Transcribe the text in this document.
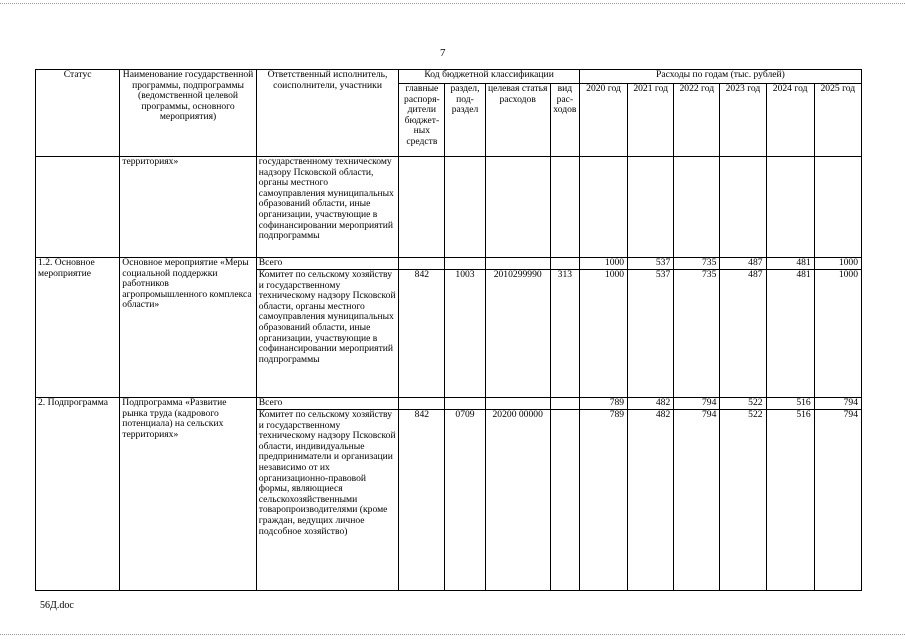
7
Статус	Наименование государственной программы, подпрограммы (ведомственной целевой программы, основного мероприятия)	Ответственный исполнитель, соисполнители, участники	Код бюджетной классификации				Расходы по годам (тыс. рублей)					
			главные распоря-дители бюджет-ных средств	раздел, под-раздел	целевая статья расходов	вид рас-ходов	2020 год	2021 год	2022 год	2023 год	2024 год	2025 год
	территориях»	государственному техническому надзору Псковской области, органы местного самоуправления муниципальных образований области, иные организации, участвующие в софинансировании мероприятий подпрограммы										
1.2. Основное мероприятие	Основное мероприятие «Меры социальной поддержки работников агропромышленного комплекса области»	Всего					1000	537	735	487	481	1000
		Комитет по сельскому хозяйству и государственному техническому надзору Псковской области, органы местного самоуправления муниципальных образований области, иные организации, участвующие в софинансировании мероприятий подпрограммы	842	1003	2010299990	313	1000	537	735	487	481	1000
2. Подпрограмма	Подпрограмма «Развитие рынка труда (кадрового потенциала) на сельских территориях»	Всего					789	482	794	522	516	794
		Комитет по сельскому хозяйству и государственному техническому надзору Псковской области, индивидуальные предприниматели и организации независимо от их организационно-правовой формы, являющиеся сельскохозяйственными товаропроизводителями (кроме граждан, ведущих личное подсобное хозяйство)	842	0709	20200 00000		789	482	794	522	516	794
56Д.doc
